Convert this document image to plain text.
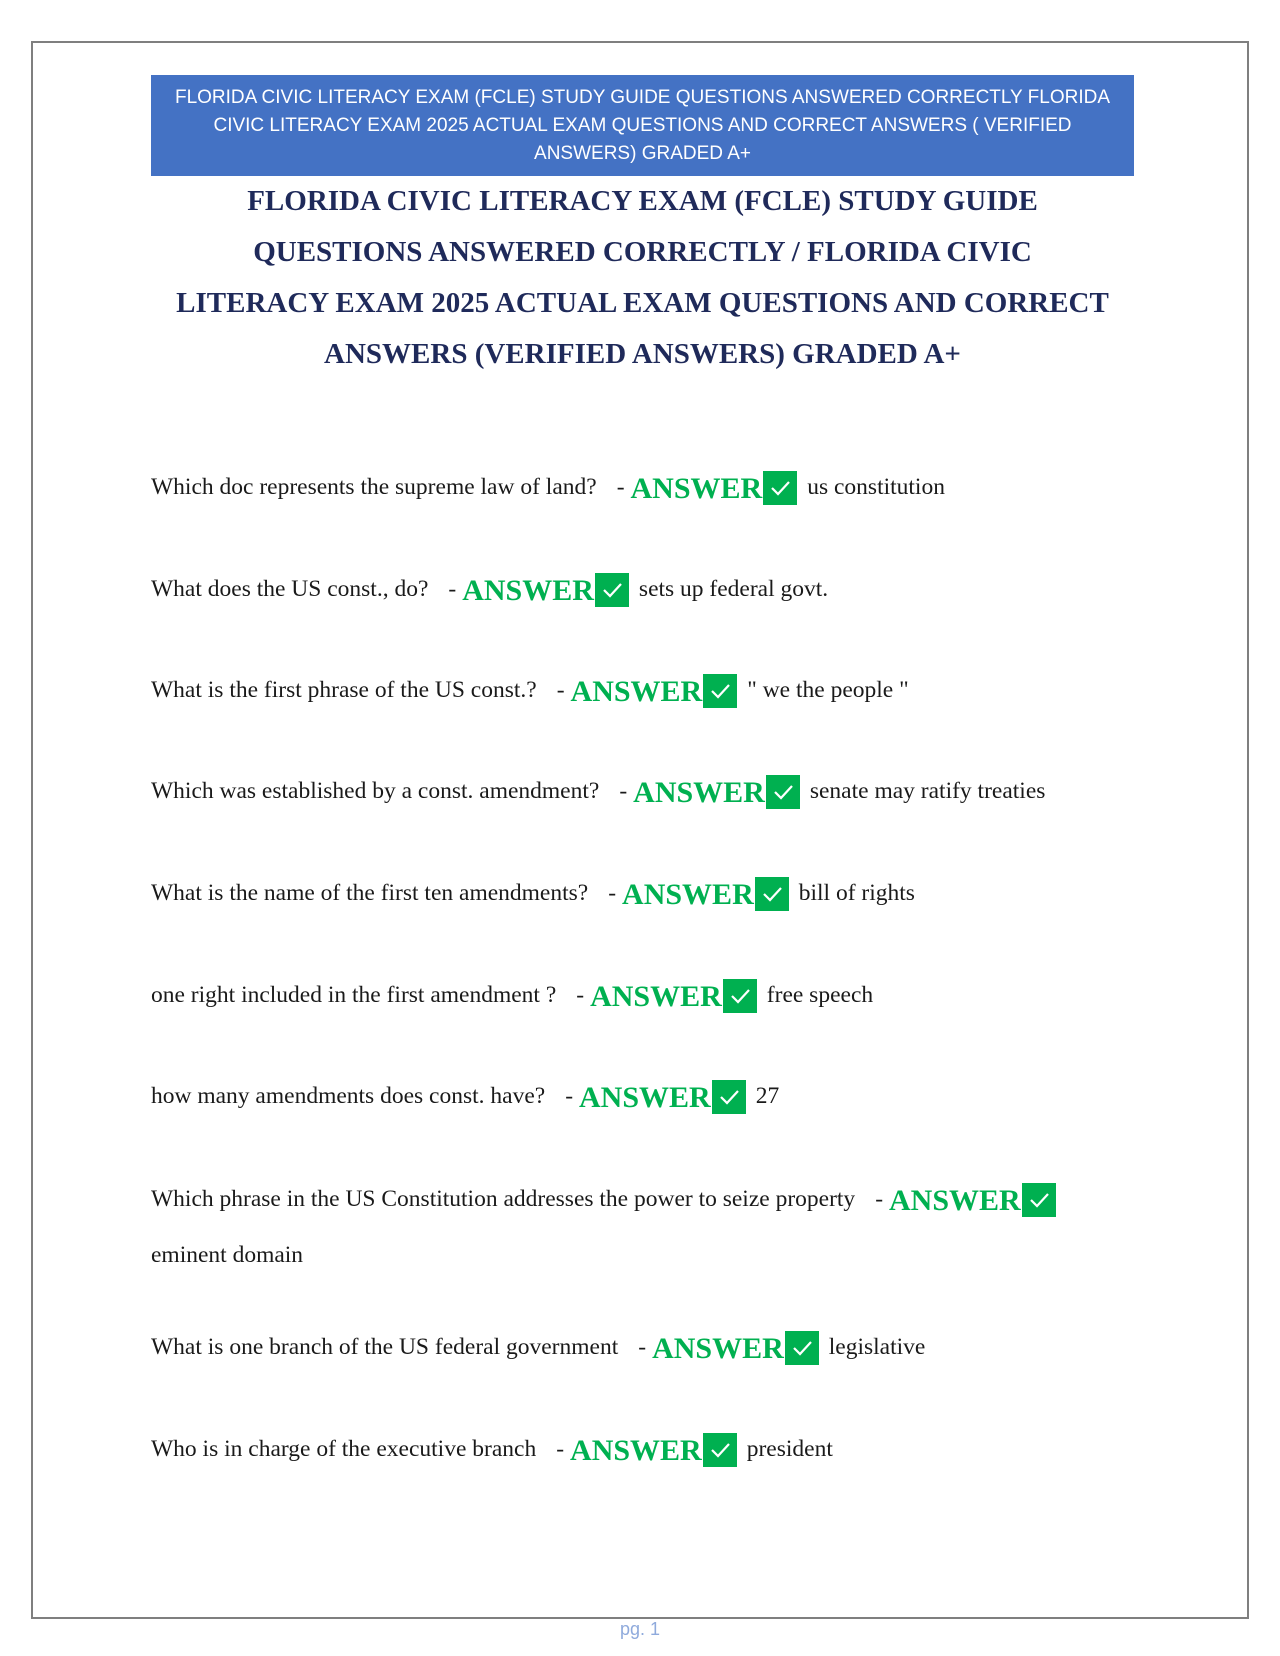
FLORIDA CIVIC LITERACY EXAM (FCLE) STUDY GUIDE QUESTIONS ANSWERED CORRECTLY FLORIDA CIVIC LITERACY EXAM 2025 ACTUAL EXAM QUESTIONS AND CORRECT ANSWERS ( VERIFIED ANSWERS) GRADED A+
FLORIDA CIVIC LITERACY EXAM (FCLE) STUDY GUIDE
QUESTIONS ANSWERED CORRECTLY / FLORIDA CIVIC
LITERACY EXAM 2025 ACTUAL EXAM QUESTIONS AND CORRECT
ANSWERS (VERIFIED ANSWERS) GRADED A+
Which doc represents the supreme law of land? - ANSWER us constitution
What does the US const., do? - ANSWER sets up federal govt.
What is the first phrase of the US const.? - ANSWER " we the people "
Which was established by a const. amendment? - ANSWER senate may ratify treaties
What is the name of the first ten amendments? - ANSWER bill of rights
one right included in the first amendment ? - ANSWER free speech
how many amendments does const. have? - ANSWER 27
Which phrase in the US Constitution addresses the power to seize property - ANSWER

eminent domain
What is one branch of the US federal government - ANSWER legislative
Who is in charge of the executive branch - ANSWER president
pg. 1
